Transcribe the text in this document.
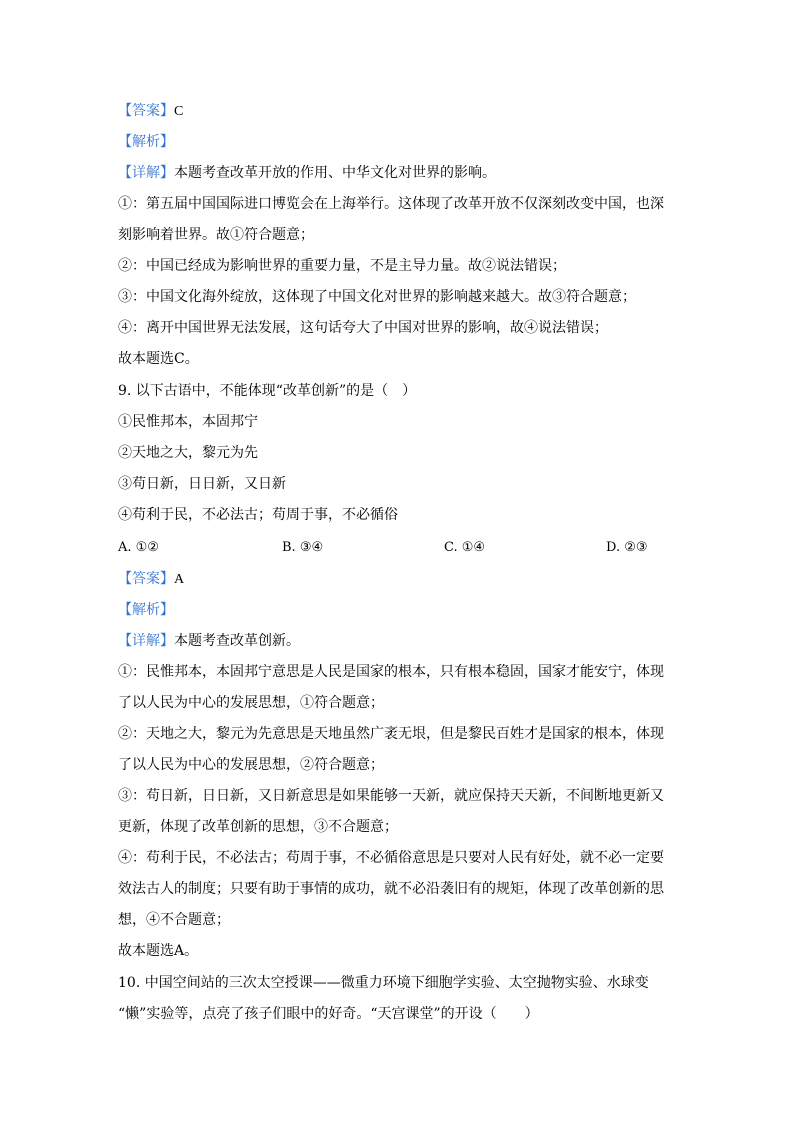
【答案】C
【解析】
【详解】本题考查改革开放的作用、中华文化对世界的影响。
①：第五届中国国际进口博览会在上海举行。这体现了改革开放不仅深刻改变中国，也深
刻影响着世界。故①符合题意；
②：中国已经成为影响世界的重要力量，不是主导力量。故②说法错误；
③：中国文化海外绽放，这体现了中国文化对世界的影响越来越大。故③符合题意；
④：离开中国世界无法发展，这句话夸大了中国对世界的影响，故④说法错误；
故本题选C。
9. 以下古语中，不能体现“改革创新”的是（　）
①民惟邦本，本固邦宁
②天地之大，黎元为先
③苟日新，日日新，又日新
④苟利于民，不必法古；苟周于事，不必循俗
A. ①②	B. ③④	C. ①④	D. ②③
【答案】A
【解析】
【详解】本题考查改革创新。
①：民惟邦本，本固邦宁意思是人民是国家的根本，只有根本稳固，国家才能安宁，体现
了以人民为中心的发展思想，①符合题意；
②：天地之大，黎元为先意思是天地虽然广袤无垠，但是黎民百姓才是国家的根本，体现
了以人民为中心的发展思想，②符合题意；
③：苟日新，日日新，又日新意思是如果能够一天新，就应保持天天新，不间断地更新又
更新，体现了改革创新的思想，③不合题意；
④：苟利于民，不必法古；苟周于事，不必循俗意思是只要对人民有好处，就不必一定要
效法古人的制度；只要有助于事情的成功，就不必沿袭旧有的规矩，体现了改革创新的思
想，④不合题意；
故本题选A。
10. 中国空间站的三次太空授课——微重力环境下细胞学实验、太空抛物实验、水球变
“懒”实验等，点亮了孩子们眼中的好奇。“天宫课堂”的开设（　　）
